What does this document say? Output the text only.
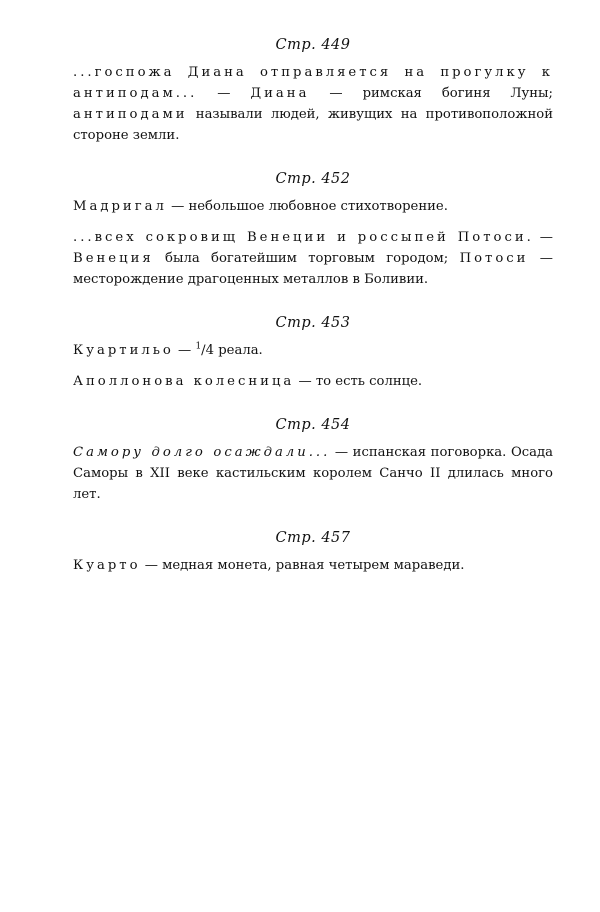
Стр. 449

...госпожа Диана отправляется на прогулку к антиподам... — Диана — римская богиня Луны; антиподами называли людей, живущих на противоположной стороне земли.

Стр. 452

Мадригал — небольшое любовное стихотворение.

...всех сокровищ Венеции и россыпей Потоси. — Венеция была богатейшим торговым городом; Потоси — месторождение драгоценных металлов в Боливии.

Стр. 453

Куартильо — $^1$/4 реала.

Аполлонова колесница — то есть солнце.

Стр. 454

Самору долго осаждали... — испанская поговорка. Осада Саморы в XII веке кастильским королем Санчо II длилась много лет.

Стр. 457

Куарто — медная монета, равная четырем мараведи.
